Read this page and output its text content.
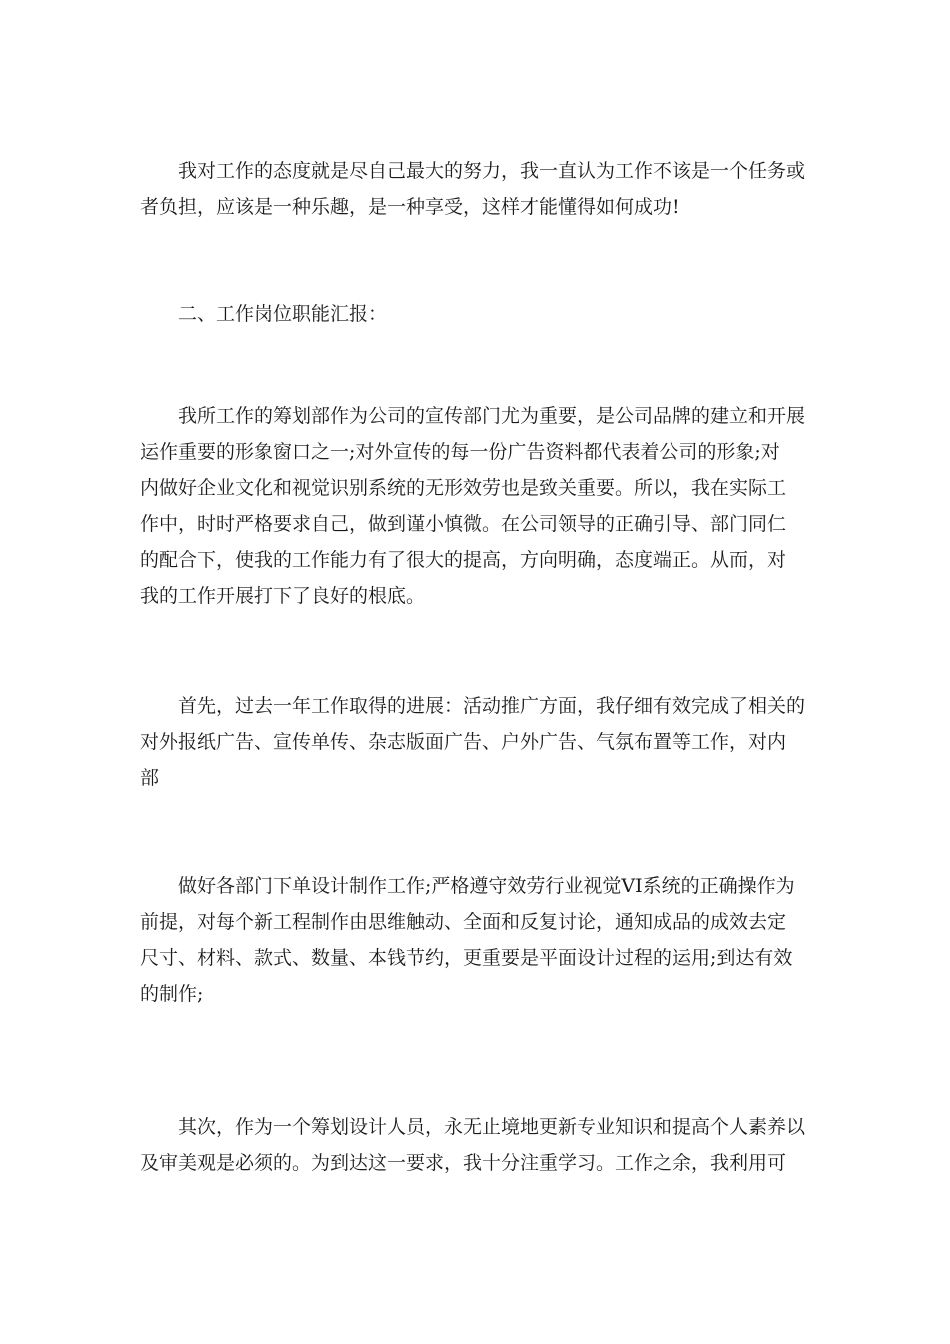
我对工作的态度就是尽自己最大的努力，我一直认为工作不该是一个任务或
者负担，应该是一种乐趣，是一种享受，这样才能懂得如何成功!
二、工作岗位职能汇报：
我所工作的筹划部作为公司的宣传部门尤为重要，是公司品牌的建立和开展
运作重要的形象窗口之一;对外宣传的每一份广告资料都代表着公司的形象;对
内做好企业文化和视觉识别系统的无形效劳也是致关重要。所以，我在实际工
作中，时时严格要求自己，做到谨小慎微。在公司领导的正确引导、部门同仁
的配合下，使我的工作能力有了很大的提高，方向明确，态度端正。从而，对
我的工作开展打下了良好的根底。
首先，过去一年工作取得的进展：活动推广方面，我仔细有效完成了相关的
对外报纸广告、宣传单传、杂志版面广告、户外广告、气氛布置等工作，对内
部
做好各部门下单设计制作工作;严格遵守效劳行业视觉VI系统的正确操作为
前提，对每个新工程制作由思维触动、全面和反复讨论，通知成品的成效去定
尺寸、材料、款式、数量、本钱节约，更重要是平面设计过程的运用;到达有效
的制作;
其次，作为一个筹划设计人员，永无止境地更新专业知识和提高个人素养以
及审美观是必须的。为到达这一要求，我十分注重学习。工作之余，我利用可
